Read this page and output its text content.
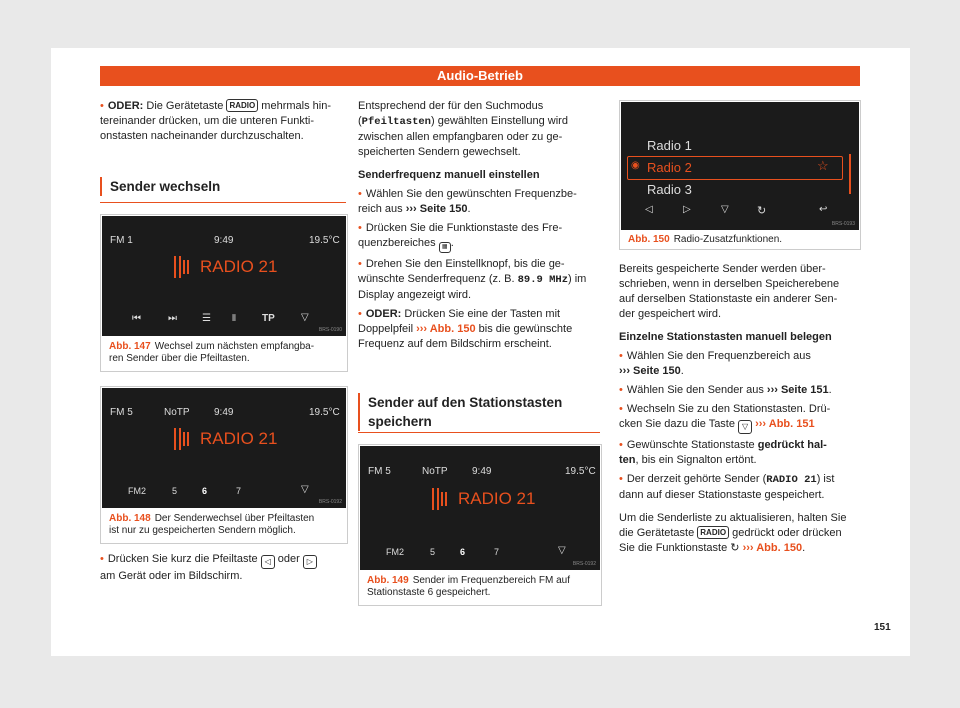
Audio-Betrieb
• ODER: Die Gerätetaste RADIO mehrmals hin-
tereinander drücken, um die unteren Funkti-
onstasten nacheinander durchzuschalten.
Sender wechseln
FM 1	9:49	19.5°C
RADIO 21
⏮	⏭	☰ ⦀	TP	▽
BRS-0190
Abb. 147 Wechsel zum nächsten empfangba-
ren Sender über die Pfeiltasten.
FM 5	NoTP 9:49	19.5°C
RADIO 21
FM2	5	6	7	▽
BRS-0192
Abb. 148 Der Senderwechsel über Pfeiltasten
ist nur zu gespeicherten Sendern möglich.
• Drücken Sie kurz die Pfeiltaste ◁ oder ▷
am Gerät oder im Bildschirm.
Entsprechend der für den Suchmodus
(Pfeiltasten) gewählten Einstellung wird
zwischen allen empfangbaren oder zu ge-
speicherten Sendern gewechselt.
Senderfrequenz manuell einstellen
• Wählen Sie den gewünschten Frequenzbe-
reich aus ››› Seite 150.
• Drücken Sie die Funktionstaste des Fre-
quenzbereiches ▦ .
• Drehen Sie den Einstellknopf, bis die ge-
wünschte Senderfrequenz (z. B. 89.9 MHz) im
Display angezeigt wird.
• ODER: Drücken Sie eine der Tasten mit
Doppelpfeil ››› Abb. 150 bis die gewünschte
Frequenz auf dem Bildschirm erscheint.
Sender auf den Stationstasten
speichern
FM 5	NoTP 9:49	19.5°C
RADIO 21
FM2	5	6	7	▽
BRS-0192
Abb. 149 Sender im Frequenzbereich FM auf
Stationstaste 6 gespeichert.
Radio 1
◉ Radio 2	☆
Radio 3
◁	▷	▽	↻	↩
BRS-0193
Abb. 150 Radio-Zusatzfunktionen.
Bereits gespeicherte Sender werden über-
schrieben, wenn in derselben Speicherebene
auf derselben Stationstaste ein anderer Sen-
der gespeichert wird.
Einzelne Stationstasten manuell belegen
• Wählen Sie den Frequenzbereich aus
››› Seite 150.
• Wählen Sie den Sender aus ››› Seite 151.
• Wechseln Sie zu den Stationstasten. Drü-
cken Sie dazu die Taste ▽ ››› Abb. 151
• Gewünschte Stationstaste gedrückt hal-
ten, bis ein Signalton ertönt.
• Der derzeit gehörte Sender (RADIO 21) ist
dann auf dieser Stationstaste gespeichert.
Um die Senderliste zu aktualisieren, halten Sie
die Gerätetaste RADIO gedrückt oder drücken
Sie die Funktionstaste ↻ ››› Abb. 150.
151
